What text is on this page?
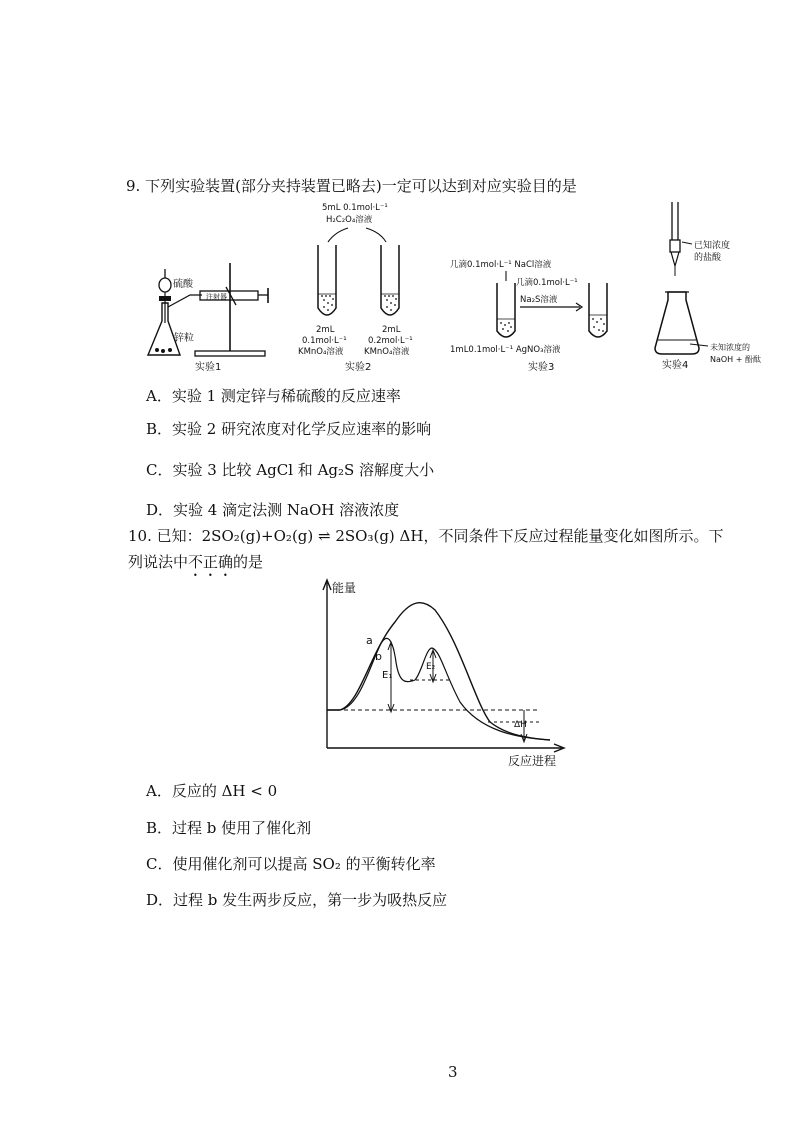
9. 下列实验装置(部分夹持装置已略去)一定可以达到对应实验目的是
注射器
硫酸
锌粒
实验1
5mL 0.1mol·L⁻¹
H₂C₂O₄溶液
2mL
0.1mol·L⁻¹
KMnO₄溶液
2mL
0.2mol·L⁻¹
KMnO₄溶液
实验2
几滴0.1mol·L⁻¹ NaCl溶液
几滴0.1mol·L⁻¹
Na₂S溶液
1mL0.1mol·L⁻¹ AgNO₃溶液
实验3
已知浓度
的盐酸
未知浓度的
NaOH + 酚酞
实验4
A．实验 1 测定锌与稀硫酸的反应速率
B．实验 2 研究浓度对化学反应速率的影响
C．实验 3 比较 AgCl 和 Ag₂S 溶解度大小
D．实验 4 滴定法测 NaOH 溶液浓度
10. 已知：2SO₂(g)+O₂(g) ⇌ 2SO₃(g) ΔH，不同条件下反应过程能量变化如图所示。下
列说法中不正确的是
能量
反应进程
E₁
E₂
ΔH
a
b
A．反应的 ΔH < 0
B．过程 b 使用了催化剂
C．使用催化剂可以提高 SO₂ 的平衡转化率
D．过程 b 发生两步反应，第一步为吸热反应
3
